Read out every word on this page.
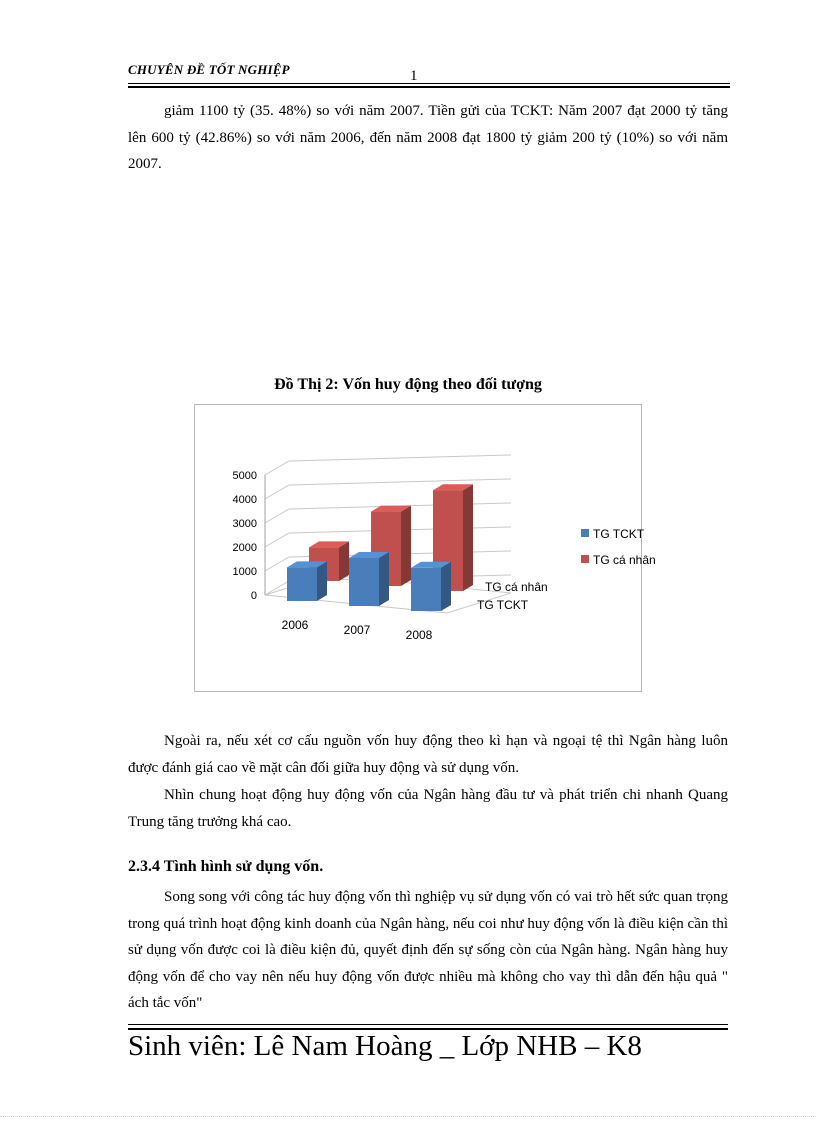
CHUYÊN ĐỀ TỐT NGHIỆP	1
giảm 1100 tỷ (35. 48%) so với năm 2007. Tiền gửi của TCKT: Năm 2007 đạt 2000 tỷ tăng lên 600 tỷ (42.86%) so với năm 2006, đến năm 2008 đạt 1800 tỷ giảm 200 tỷ (10%) so với năm 2007.
Đồ Thị 2: Vốn huy động theo đối tượng
0
1000
2000
3000
4000
5000
2006	2007	2008
TG cá nhân
TG TCKT
TG TCKT
TG cá nhân
Ngoài ra, nếu xét cơ cấu nguồn vốn huy động theo kì hạn và ngoại tệ thì Ngân hàng luôn được đánh giá cao về mặt cân đối giữa huy động và sử dụng vốn.
Nhìn chung hoạt động huy động vốn của Ngân hàng đầu tư và phát triển chi nhanh Quang Trung tăng trưởng khá cao.
2.3.4 Tình hình sử dụng vốn.
Song song với công tác huy động vốn thì nghiệp vụ sử dụng vốn có vai trò hết sức quan trọng trong quá trình hoạt động kinh doanh của Ngân hàng, nếu coi như huy động vốn là điều kiện cần thì sử dụng vốn được coi là điều kiện đủ, quyết định đến sự sống còn của Ngân hàng. Ngân hàng huy động vốn để cho vay nên nếu huy động vốn được nhiều mà không cho vay thì dẫn đến hậu quả " ách tắc vốn"
Sinh viên: Lê Nam Hoàng _ Lớp NHB – K8
